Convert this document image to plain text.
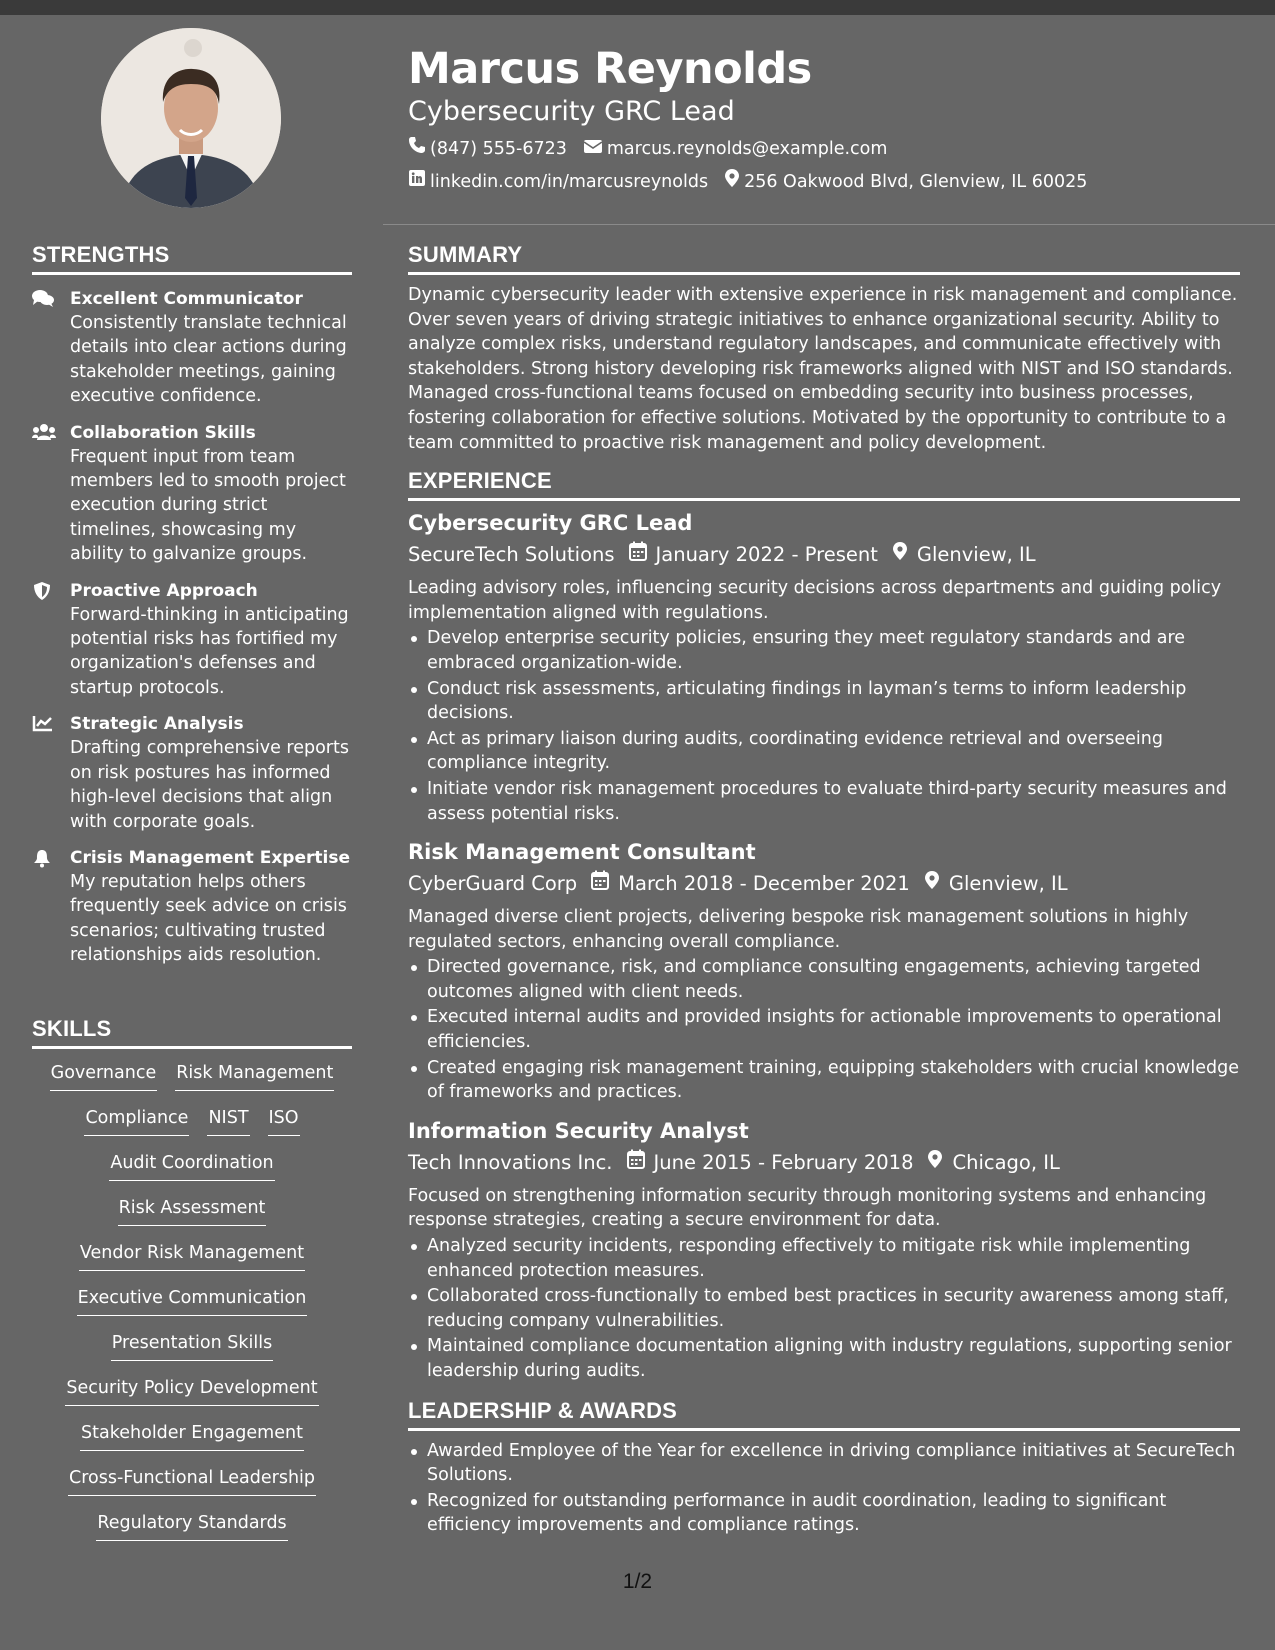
STRENGTHS
Excellent Communicator
Consistently translate technical details into clear actions during stakeholder meetings, gaining executive confidence.
Collaboration Skills
Frequent input from team members led to smooth project execution during strict timelines, showcasing my ability to galvanize groups.
Proactive Approach
Forward-thinking in anticipating potential risks has fortified my organization's defenses and startup protocols.
Strategic Analysis
Drafting comprehensive reports on risk postures has informed high-level decisions that align with corporate goals.
Crisis Management Expertise
My reputation helps others frequently seek advice on crisis scenarios; cultivating trusted relationships aids resolution.
SKILLS
Governance Risk Management
Compliance NIST ISO
Audit Coordination
Risk Assessment
Vendor Risk Management
Executive Communication
Presentation Skills
Security Policy Development
Stakeholder Engagement
Cross-Functional Leadership
Regulatory Standards
Marcus Reynolds
Cybersecurity GRC Lead
(847) 555-6723 marcus.reynolds@example.com
linkedin.com/in/marcusreynolds 256 Oakwood Blvd, Glenview, IL 60025
SUMMARY
Dynamic cybersecurity leader with extensive experience in risk management and compliance. Over seven years of driving strategic initiatives to enhance organizational security. Ability to analyze complex risks, understand regulatory landscapes, and communicate effectively with stakeholders. Strong history developing risk frameworks aligned with NIST and ISO standards. Managed cross-functional teams focused on embedding security into business processes, fostering collaboration for effective solutions. Motivated by the opportunity to contribute to a team committed to proactive risk management and policy development.
EXPERIENCE
Cybersecurity GRC Lead
SecureTech Solutions January 2022 - Present Glenview, IL
Leading advisory roles, influencing security decisions across departments and guiding policy implementation aligned with regulations.
Develop enterprise security policies, ensuring they meet regulatory standards and are embraced organization-wide.
Conduct risk assessments, articulating findings in layman’s terms to inform leadership decisions.
Act as primary liaison during audits, coordinating evidence retrieval and overseeing compliance integrity.
Initiate vendor risk management procedures to evaluate third-party security measures and assess potential risks.
Risk Management Consultant
CyberGuard Corp March 2018 - December 2021 Glenview, IL
Managed diverse client projects, delivering bespoke risk management solutions in highly regulated sectors, enhancing overall compliance.
Directed governance, risk, and compliance consulting engagements, achieving targeted outcomes aligned with client needs.
Executed internal audits and provided insights for actionable improvements to operational efficiencies.
Created engaging risk management training, equipping stakeholders with crucial knowledge of frameworks and practices.
Information Security Analyst
Tech Innovations Inc. June 2015 - February 2018 Chicago, IL
Focused on strengthening information security through monitoring systems and enhancing response strategies, creating a secure environment for data.
Analyzed security incidents, responding effectively to mitigate risk while implementing enhanced protection measures.
Collaborated cross-functionally to embed best practices in security awareness among staff, reducing company vulnerabilities.
Maintained compliance documentation aligning with industry regulations, supporting senior leadership during audits.
LEADERSHIP & AWARDS
Awarded Employee of the Year for excellence in driving compliance initiatives at SecureTech Solutions.
Recognized for outstanding performance in audit coordination, leading to significant efficiency improvements and compliance ratings.
1/2
